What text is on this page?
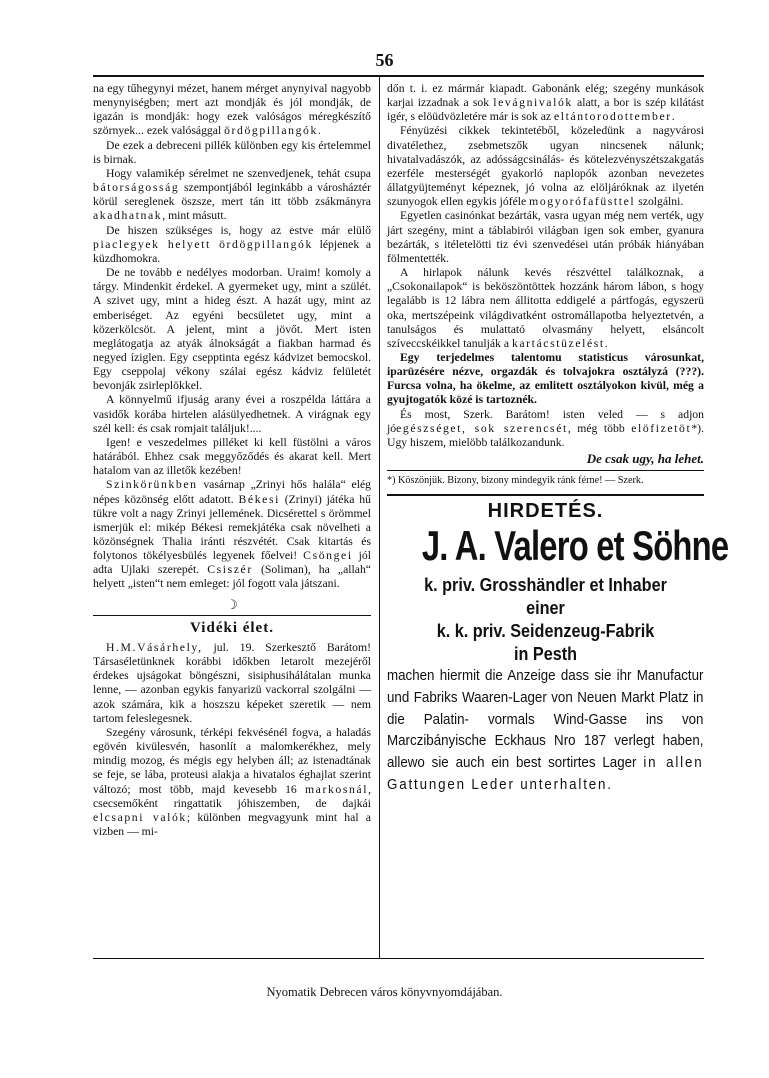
56

na egy tűhegynyi mézet, hanem mérget anynyival nagyobb menynyiségben; mert azt mondják és jól mondják, de igazán is mondják: hogy ezek valóságos méregkészítő szörnyek... ezek valósággal ördögpillangók.

De ezek a debreceni pillék különben egy kis értelemmel is birnak.

Hogy valamikép sérelmet ne szenvedjenek, tehát csupa bátorságosság szempontjából leginkább a városháztér körül sereglenek öszsze, mert tán itt több zsákmányra akadhatnak, mint másutt.

De hiszen szükséges is, hogy az estve már elülő piaclegyek helyett ördögpillangók lépjenek a küzdhomokra.

De ne tovább e nedélyes modorban. Uraim! komoly a tárgy. Mindenkit érdekel. A gyermeket ugy, mint a szülét. A szivet ugy, mint a hideg észt. A hazát ugy, mint az emberiséget. Az egyéni becsületet ugy, mint a közerkölcsöt. A jelent, mint a jövőt. Mert isten meglátogatja az atyák álnokságát a fiakban harmad és negyed íziglen. Egy csepptinta egész kádvizet bemocskol. Egy cseppolaj vékony szálai egész kádviz felületét bevonják zsirleplökkel.

A könnyelmű ifjuság arany évei a roszpéldа láttára a vasidők korába hirtelen alásülyedhetnek. A virágnak egy szél kell: és csak romjait találjuk!....

Igen! e veszedelmes pilléket ki kell füstölni a város határából. Ehhez csak meggyőződés és akarat kell. Mert hatalom van az illetők kezében!

Szinkörünkben vasárnap „Zrinyi hős halála“ elég népes közönség előtt adatott. Békesi (Zrinyi) játéka hű tükre volt a nagy Zrinyi jellemének. Dicsérettel s örömmel ismerjük el: mikép Békesi remekjátéka csak növelheti a közönségnek Thalia iránti részvétét. Csak kitartás és folytonos tökélyesbülés legyenek főelvei! Csöngei jól adta Ujlaki szerepét. Csiszér (Soliman), ha „allah“ helyett „isten“t nem emleget: jól fogott vala játszani.

☽
Vidéki élet.

H.M.Vásárhely, jul. 19. Szerkesztő Barátom! Társaséletünknek korábbi időkben letarolt mezejéről érdekes ujságokat böngészni, sisiphusihálátalan munka lenne, — azonban egykis fanyarizü vackorral szolgálni — azok számára, kik a hoszszu képeket szeretik — nem tartom feleslegesnek.

Szegény városunk, térképi fekvésénél fogva, a haladás egövén kivülesvén, hasonlít a malomkerékhez, mely mindig mozog, és mégis egy helyben áll; az istenadtának se feje, se lába, proteusi alakja a hivatalos éghajlat szerint változó; most több, majd kevesebb 16 markosnál, csecsemőként ringattatik jóhiszemben, de dajkái elcsapni valók; különben megvagyunk mint hal a vizben — mi-

dőn t. i. ez mármár kiapadt. Gabonánk elég; szegény munkások karjai izzadnak a sok levágnivalók alatt, a bor is szép kilátást igér, s elöüdvözletére már is sok az eltántorodottember.

Fényüzési cikkek tekintetéből, közeledünk a nagyvárosi divatélethez, zsebmetszők ugyan nincsenek nálunk; hivatalvadászók, az adósságcsinálás- és kötelezvényszétszakgatás ezerféle mesterségét gyakorló naplopók azonban nevezetes állatgyüjteményt képeznek, jó volna az elöljáróknak az ilyetén szunyogok ellen egykis jóféle mogyorófafüsttel szolgálni.

Egyetlen casinónkat bezárták, vasra ugyan még nem verték, ugy járt szegény, mint a táblabirói világban igen sok ember, gyanura bezárták, s itéletelötti tiz évi szenvedései után próbák hiányában fölmentették.

A hirlapok nálunk kevés részvéttel találkoznak, a „Csokonailapok“ is beköszöntöttek hozzánk három lábon, s hogy legalább is 12 lábra nem állitotta eddigelé a pártfogás, egyszerü oka, mertszépeink világdivatként ostromállapotba helyeztetvén, a tanulságos és mulattató olvasmány helyett, elsáncolt szíveccskéikkel tanulják a kartácstüzelést.

Egy terjedelmes talentomu statisticus városunkat, iparüzésére nézve, orgazdák és tolvajokra osztályzá (???). Furcsa volna, ha ökelme, az emlitett osztályokon kivül, még a gyujtogatók közé is tartoznék.

És most, Szerk. Barátom! isten veled — s adjon jóegészséget, sok szerencsét, még több elöfizetöt*). Ugy hiszem, mielöbb találkozandunk.

De csak ugy, ha lehet.

*) Köszönjük. Bizony, bizony mindegyik ránk férne! — Szerk.

HIRDETÉS.
J. A. Valero et Söhne
k. priv. Grosshändler et Inhaber einer
k. k. priv. Seidenzeug-Fabrik
in Pesth

machen hiermit die Anzeige dass sie ihr Manufactur und Fabriks Waaren-Lager von Neuen Markt Platz in die Palatin- vormals Wind-Gasse ins von Marczibányische Eckhaus Nro 187 verlegt haben, allewo sie auch ein best sortirtes Lager in allen Gattungen Leder unterhalten.

Nyomatik Debrecen város könyvnyomdájában.
